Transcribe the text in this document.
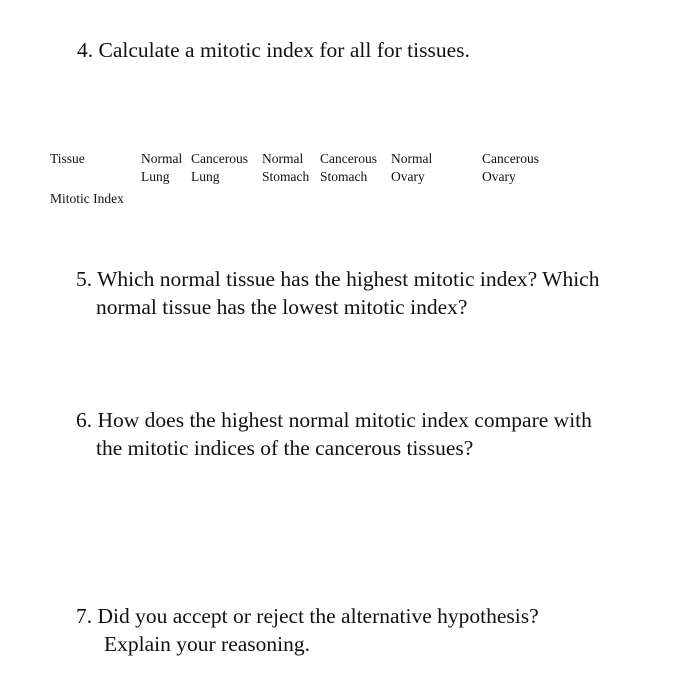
4. Calculate a mitotic index for all for tissues.
Tissue	Normal
Lung
Cancerous
Lung
Normal
Stomach
Cancerous
Stomach
Normal
Ovary
Cancerous
Ovary
Mitotic Index
5. Which normal tissue has the highest mitotic index? Which
normal tissue has the lowest mitotic index?
6. How does the highest normal mitotic index compare with
the mitotic indices of the cancerous tissues?
7. Did you accept or reject the alternative hypothesis?
Explain your reasoning.
